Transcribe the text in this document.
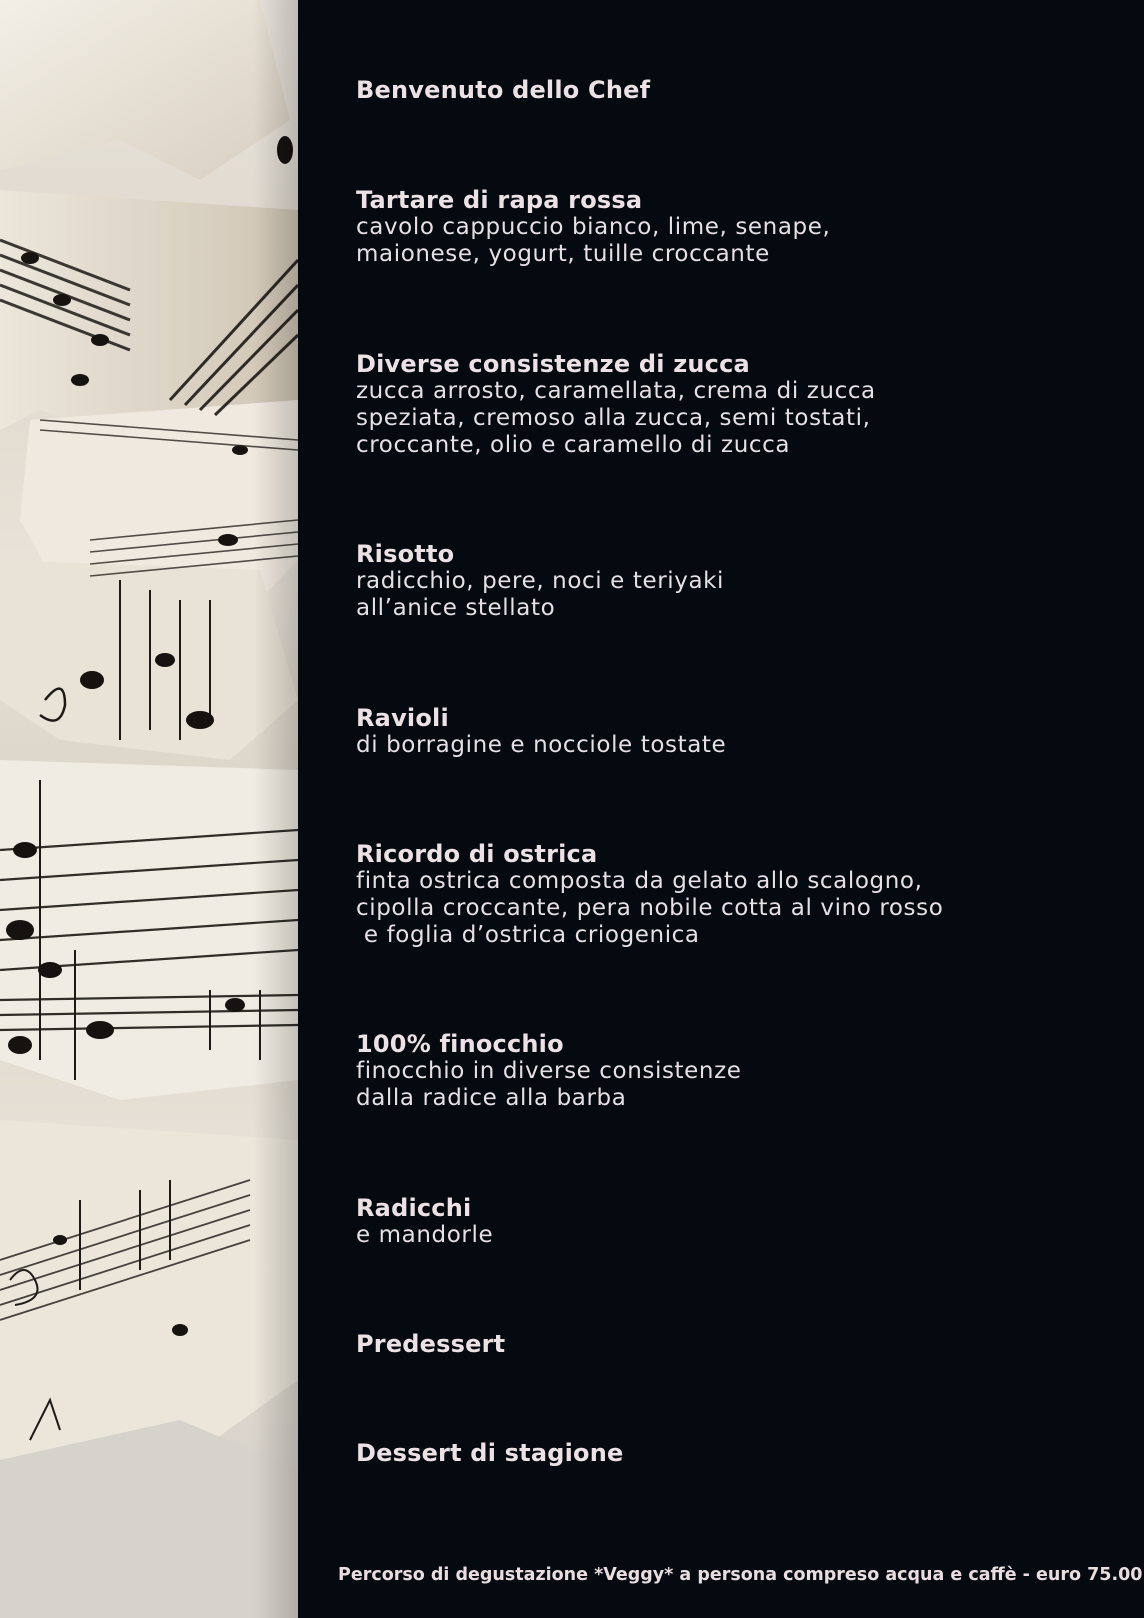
Benvenuto dello Chef
Tartare di rapa rossa
cavolo cappuccio bianco, lime, senape,
maionese, yogurt, tuille croccante
Diverse consistenze di zucca
zucca arrosto, caramellata, crema di zucca
speziata, cremoso alla zucca, semi tostati,
croccante, olio e caramello di zucca
Risotto
radicchio, pere, noci e teriyaki
all’anice stellato
Ravioli
di borragine e nocciole tostate
Ricordo di ostrica
finta ostrica composta da gelato allo scalogno,
cipolla croccante, pera nobile cotta al vino rosso
e foglia d’ostrica criogenica
100% finocchio
finocchio in diverse consistenze
dalla radice alla barba
Radicchi
e mandorle
Predessert
Dessert di stagione
Percorso di degustazione *Veggy* a persona compreso acqua e caffè - euro 75.00
